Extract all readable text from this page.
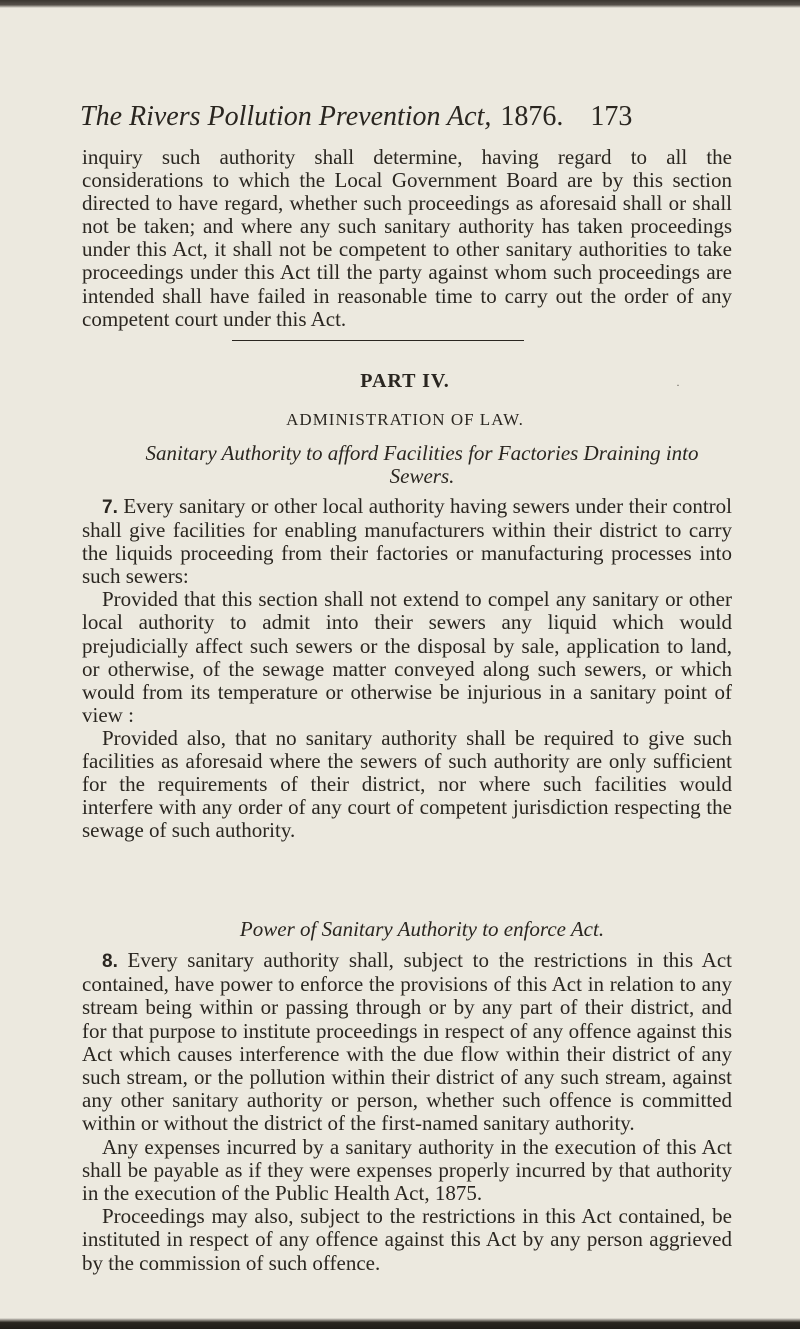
The Rivers Pollution Prevention Act, 1876. 173

inquiry such authority shall determine, having regard to all the considerations to which the Local Government Board are by this section directed to have regard, whether such proceedings as aforesaid shall or shall not be taken; and where any such sanitary authority has taken proceedings under this Act, it shall not be competent to other sanitary authorities to take proceedings under this Act till the party against whom such proceedings are intended shall have failed in reasonable time to carry out the order of any competent court under this Act.

PART IV.	·
ADMINISTRATION OF LAW.
Sanitary Authority to afford Facilities for Factories Draining into Sewers.

7. Every sanitary or other local authority having sewers under their control shall give facilities for enabling manufacturers within their district to carry the liquids proceeding from their factories or manufacturing processes into such sewers:

Provided that this section shall not extend to compel any sanitary or other local authority to admit into their sewers any liquid which would prejudicially affect such sewers or the disposal by sale, application to land, or otherwise, of the sewage matter conveyed along such sewers, or which would from its temperature or otherwise be injurious in a sanitary point of view :

Provided also, that no sanitary authority shall be required to give such facilities as aforesaid where the sewers of such authority are only sufficient for the requirements of their district, nor where such facilities would interfere with any order of any court of competent jurisdiction respecting the sewage of such authority.

Power of Sanitary Authority to enforce Act.

8. Every sanitary authority shall, subject to the restrictions in this Act contained, have power to enforce the provisions of this Act in relation to any stream being within or passing through or by any part of their district, and for that purpose to institute proceedings in respect of any offence against this Act which causes interference with the due flow within their district of any such stream, or the pollution within their district of any such stream, against any other sanitary authority or person, whether such offence is committed within or without the district of the first-named sanitary authority.

Any expenses incurred by a sanitary authority in the execution of this Act shall be payable as if they were expenses properly incurred by that authority in the execution of the Public Health Act, 1875.

Proceedings may also, subject to the restrictions in this Act contained, be instituted in respect of any offence against this Act by any person aggrieved by the commission of such offence.
